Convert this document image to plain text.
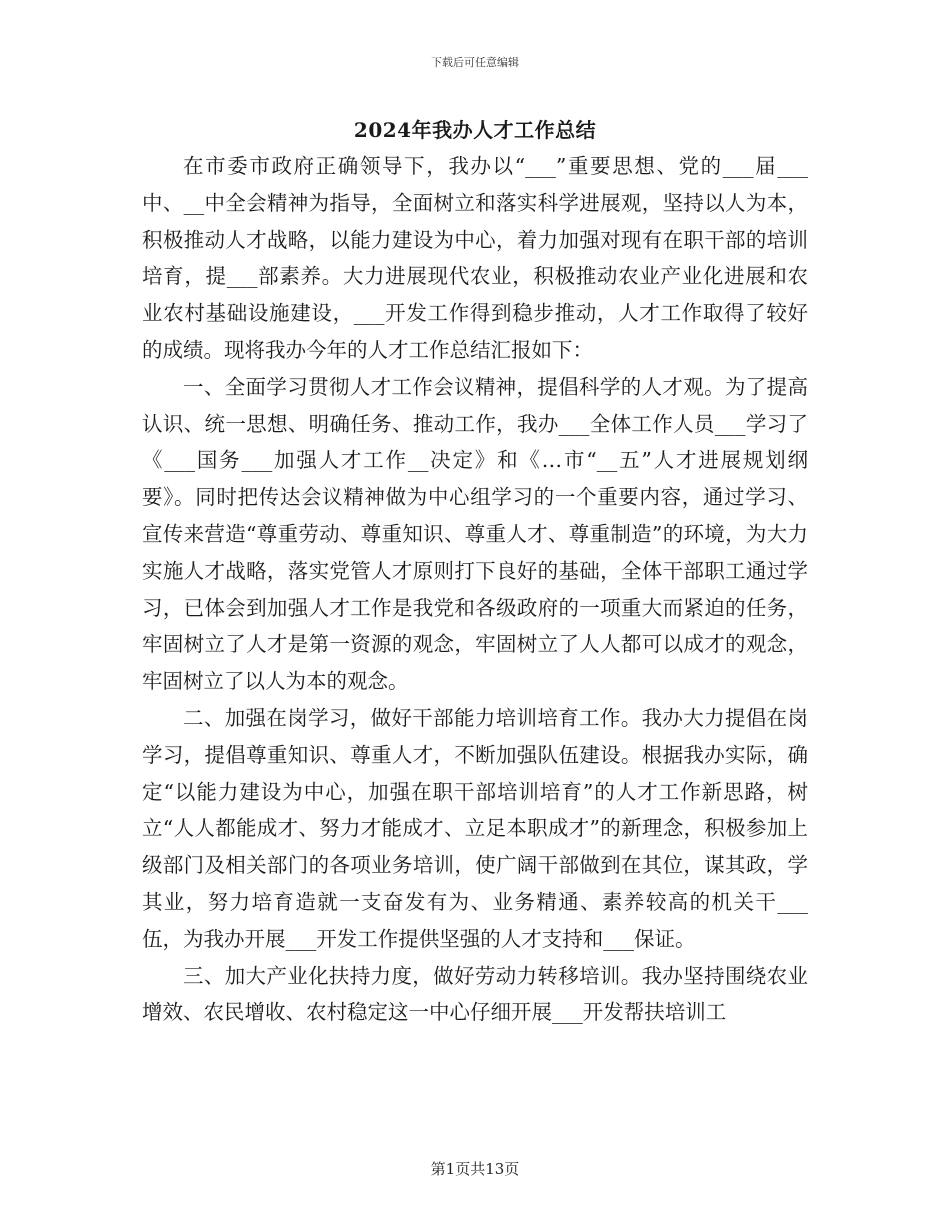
下载后可任意编辑
2024年我办人才工作总结

在市委市政府正确领导下，我办以“___”重要思想、党的___届___中、__中全会精神为指导，全面树立和落实科学进展观，坚持以人为本，积极推动人才战略，以能力建设为中心，着力加强对现有在职干部的培训培育，提___部素养。大力进展现代农业，积极推动农业产业化进展和农业农村基础设施建设，___开发工作得到稳步推动，人才工作取得了较好的成绩。现将我办今年的人才工作总结汇报如下：

一、全面学习贯彻人才工作会议精神，提倡科学的人才观。为了提高认识、统一思想、明确任务、推动工作，我办___全体工作人员___学习了《___国务___加强人才工作__决定》和《…市“__五”人才进展规划纲要》。同时把传达会议精神做为中心组学习的一个重要内容，通过学习、宣传来营造“尊重劳动、尊重知识、尊重人才、尊重制造”的环境，为大力实施人才战略，落实党管人才原则打下良好的基础，全体干部职工通过学习，已体会到加强人才工作是我党和各级政府的一项重大而紧迫的任务，牢固树立了人才是第一资源的观念，牢固树立了人人都可以成才的观念，牢固树立了以人为本的观念。

二、加强在岗学习，做好干部能力培训培育工作。我办大力提倡在岗学习，提倡尊重知识、尊重人才，不断加强队伍建设。根据我办实际，确定“以能力建设为中心，加强在职干部培训培育”的人才工作新思路，树立“人人都能成才、努力才能成才、立足本职成才”的新理念，积极参加上级部门及相关部门的各项业务培训，使广阔干部做到在其位，谋其政，学其业，努力培育造就一支奋发有为、业务精通、素养较高的机关干___伍，为我办开展___开发工作提供坚强的人才支持和___保证。

三、加大产业化扶持力度，做好劳动力转移培训。我办坚持围绕农业增效、农民增收、农村稳定这一中心仔细开展___开发帮扶培训工

第1页共13页
